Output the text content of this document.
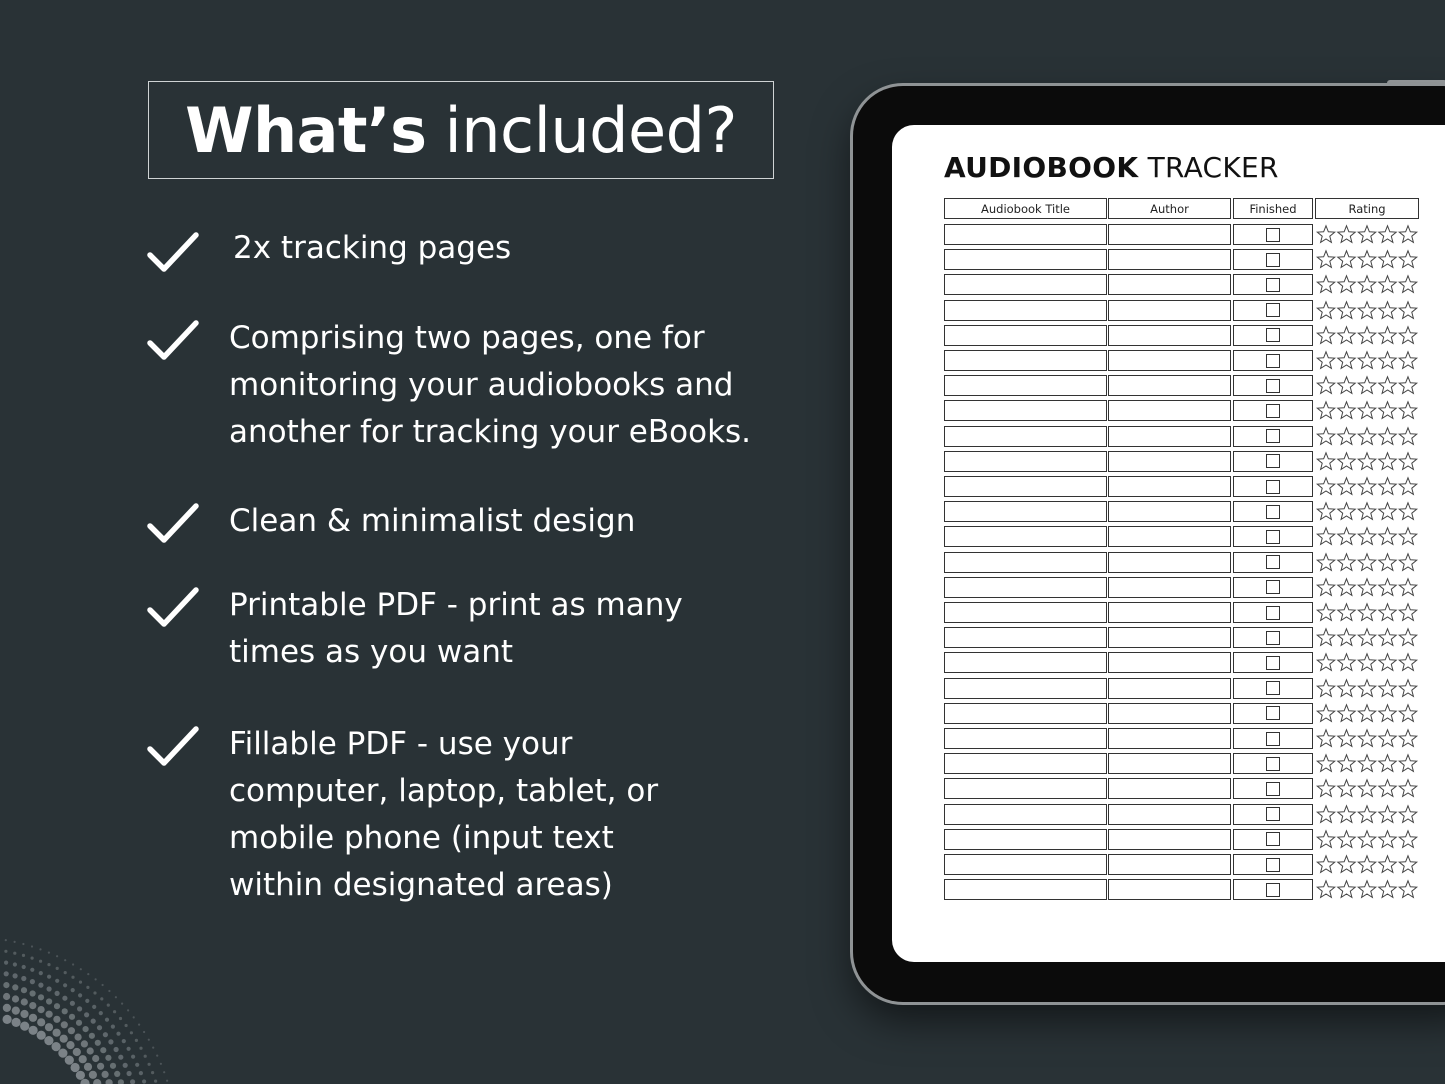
What’s included?
2x tracking pages
Comprising two pages, one for
monitoring your audiobooks and
another for tracking your eBooks.
Clean & minimalist design
Printable PDF - print as many
times as you want
Fillable PDF - use your
computer, laptop, tablet, or
mobile phone (input text
within designated areas)
AUDIOBOOK TRACKER
Audiobook Title	Author	Finished	Rating
